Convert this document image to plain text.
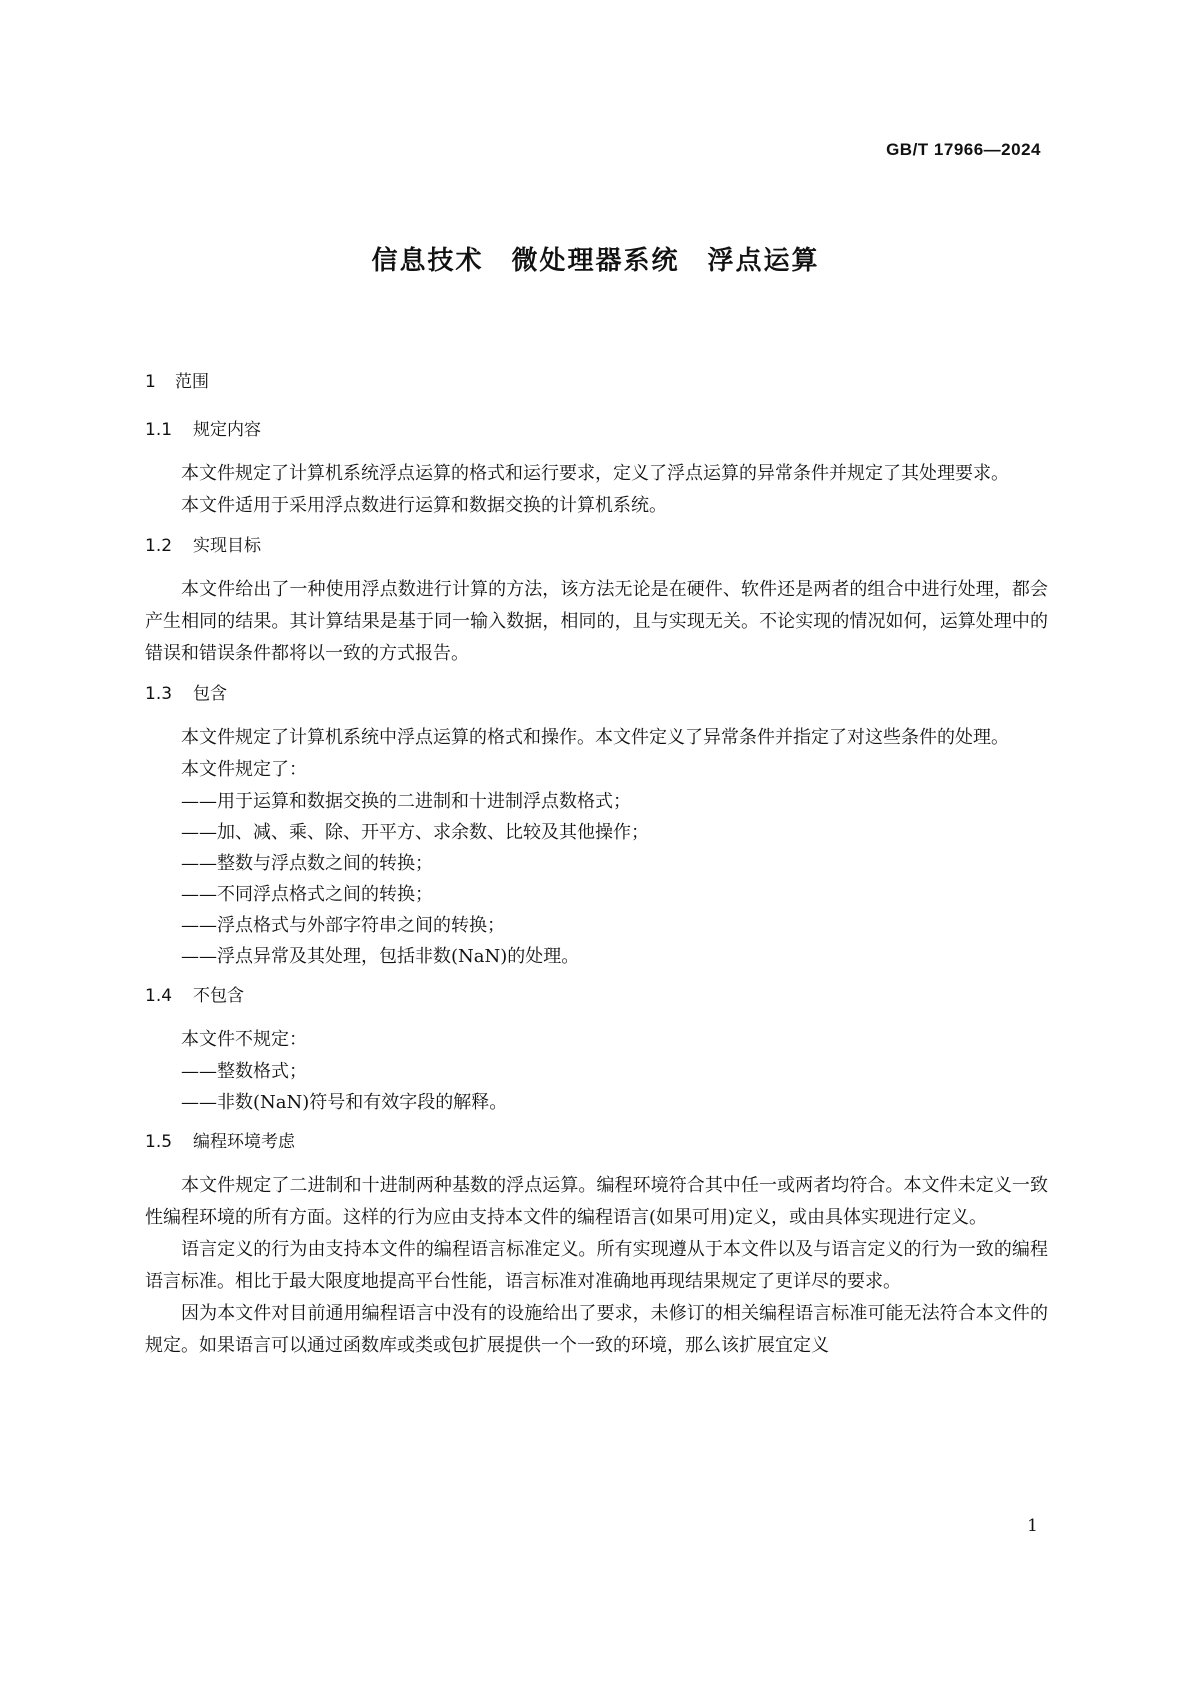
GB/T 17966—2024
信息技术 微处理器系统 浮点运算

1 范围

1.1 规定内容

本文件规定了计算机系统浮点运算的格式和运行要求，定义了浮点运算的异常条件并规定了其处理要求。

本文件适用于采用浮点数进行运算和数据交换的计算机系统。

1.2 实现目标

本文件给出了一种使用浮点数进行计算的方法，该方法无论是在硬件、软件还是两者的组合中进行处理，都会产生相同的结果。其计算结果是基于同一输入数据，相同的，且与实现无关。不论实现的情况如何，运算处理中的错误和错误条件都将以一致的方式报告。

1.3 包含

本文件规定了计算机系统中浮点运算的格式和操作。本文件定义了异常条件并指定了对这些条件的处理。

本文件规定了：

——用于运算和数据交换的二进制和十进制浮点数格式；

——加、减、乘、除、开平方、求余数、比较及其他操作；

——整数与浮点数之间的转换；

——不同浮点格式之间的转换；

——浮点格式与外部字符串之间的转换；

——浮点异常及其处理，包括非数(NaN)的处理。

1.4 不包含

本文件不规定：

——整数格式；

——非数(NaN)符号和有效字段的解释。

1.5 编程环境考虑

本文件规定了二进制和十进制两种基数的浮点运算。编程环境符合其中任一或两者均符合。本文件未定义一致性编程环境的所有方面。这样的行为应由支持本文件的编程语言(如果可用)定义，或由具体实现进行定义。

语言定义的行为由支持本文件的编程语言标准定义。所有实现遵从于本文件以及与语言定义的行为一致的编程语言标准。相比于最大限度地提高平台性能，语言标准对准确地再现结果规定了更详尽的要求。

因为本文件对目前通用编程语言中没有的设施给出了要求，未修订的相关编程语言标准可能无法符合本文件的规定。如果语言可以通过函数库或类或包扩展提供一个一致的环境，那么该扩展宜定义

1
